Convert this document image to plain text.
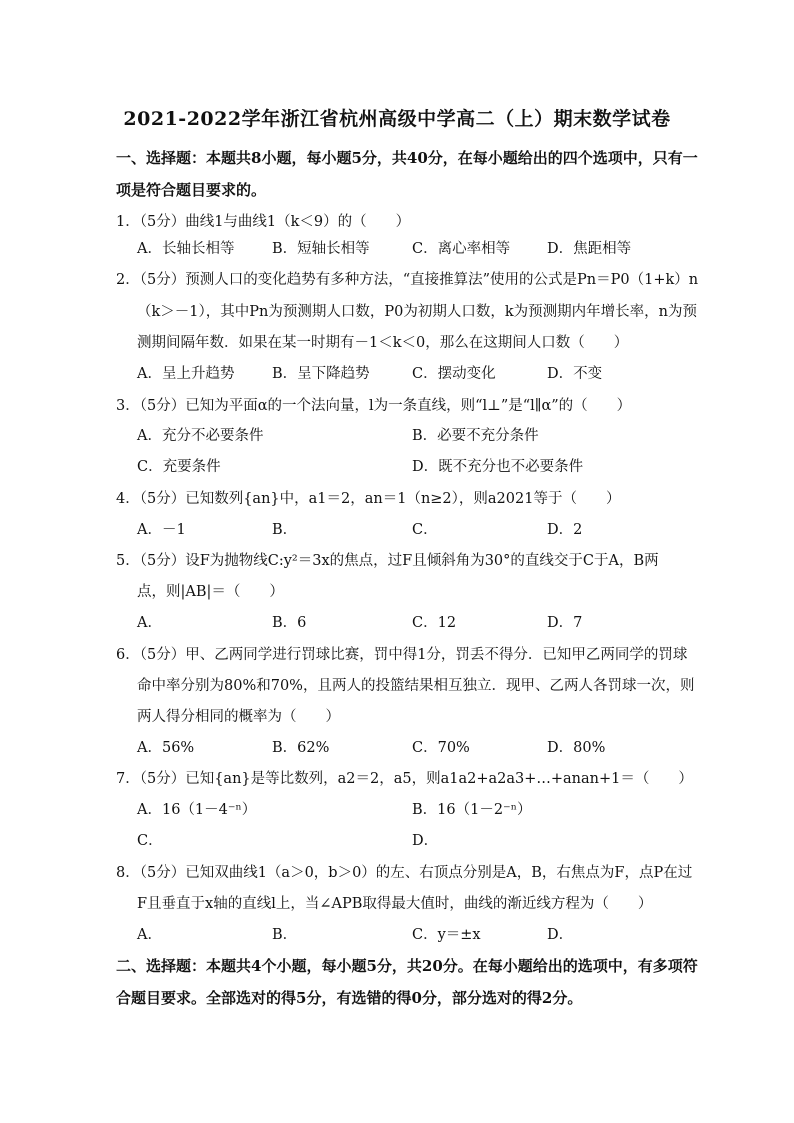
2021-2022学年浙江省杭州高级中学高二（上）期末数学试卷
一、选择题：本题共8小题，每小题5分，共40分，在每小题给出的四个选项中，只有一
项是符合题目要求的。
1．（5分）曲线1与曲线1（k＜9）的（　　）
A．长轴长相等	B．短轴长相等	C．离心率相等	D．焦距相等
2．（5分）预测人口的变化趋势有多种方法，“直接推算法”使用的公式是Pn＝P0（1+k）n
（k＞－1），其中Pn为预测期人口数，P0为初期人口数，k为预测期内年增长率，n为预
测期间隔年数．如果在某一时期有－1＜k＜0，那么在这期间人口数（　　）
A．呈上升趋势	B．呈下降趋势	C．摆动变化	D．不变
3．（5分）已知为平面α的一个法向量，l为一条直线，则“l⊥”是“l∥α”的（　　）
A．充分不必要条件	B．必要不充分条件
C．充要条件	D．既不充分也不必要条件
4．（5分）已知数列{an}中，a1＝2，an＝1（n≥2），则a2021等于（　　）
A．－1	B．	C．	D．2
5．（5分）设F为抛物线C:y²＝3x的焦点，过F且倾斜角为30°的直线交于C于A，B两
点，则|AB|＝（　　）
A．	B．6	C．12	D．7
6．（5分）甲、乙两同学进行罚球比赛，罚中得1分，罚丢不得分．已知甲乙两同学的罚球
命中率分别为80%和70%，且两人的投篮结果相互独立．现甲、乙两人各罚球一次，则
两人得分相同的概率为（　　）
A．56%	B．62%	C．70%	D．80%
7．（5分）已知{an}是等比数列，a2＝2，a5，则a1a2+a2a3+…+anan+1＝（　　）
A．16（1－4⁻ⁿ）	B．16（1－2⁻ⁿ）
C．	D．
8．（5分）已知双曲线1（a＞0，b＞0）的左、右顶点分别是A，B，右焦点为F，点P在过
F且垂直于x轴的直线l上，当∠APB取得最大值时，曲线的渐近线方程为（　　）
A．	B．	C．y＝±x	D．
二、选择题：本题共4个小题，每小题5分，共20分。在每小题给出的选项中，有多项符
合题目要求。全部选对的得5分，有选错的得0分，部分选对的得2分。
